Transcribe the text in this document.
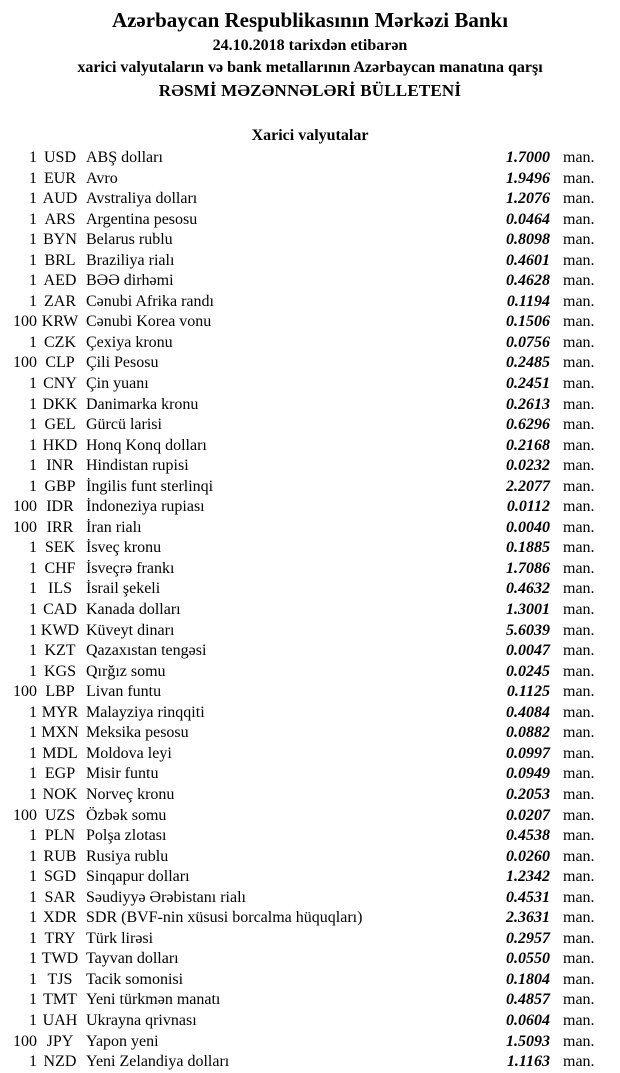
Azərbaycan Respublikasının Mərkəzi Bankı
24.10.2018 tarixdən etibarən
xarici valyutaların və bank metallarının Azərbaycan manatına qarşı
RƏSMİ MƏZƏNNƏLƏRİ BÜLLETENİ
Xarici valyutalar
1 USD ABŞ dolları	1.7000 man.
1 EUR Avro	1.9496 man.
1 AUD Avstraliya dolları	1.2076 man.
1 ARS Argentina pesosu	0.0464 man.
1 BYN Belarus rublu	0.8098 man.
1 BRL Braziliya rialı	0.4601 man.
1 AED BƏƏ dirhəmi	0.4628 man.
1 ZAR Cənubi Afrika randı	0.1194 man.
100 KRW Cənubi Korea vonu	0.1506 man.
1 CZK Çexiya kronu	0.0756 man.
100 CLP Çili Pesosu	0.2485 man.
1 CNY Çin yuanı	0.2451 man.
1 DKK Danimarka kronu	0.2613 man.
1 GEL Gürcü larisi	0.6296 man.
1 HKD Honq Konq dolları	0.2168 man.
1 INR Hindistan rupisi	0.0232 man.
1 GBP İngilis funt sterlinqi	2.2077 man.
100 IDR İndoneziya rupiası	0.0112 man.
100 IRR İran rialı	0.0040 man.
1 SEK İsveç kronu	0.1885 man.
1 CHF İsveçrə frankı	1.7086 man.
1 ILS İsrail şekeli	0.4632 man.
1 CAD Kanada dolları	1.3001 man.
1 KWD Küveyt dinarı	5.6039 man.
1 KZT Qazaxıstan tengəsi	0.0047 man.
1 KGS Qırğız somu	0.0245 man.
100 LBP Livan funtu	0.1125 man.
1 MYR Malayziya rinqqiti	0.4084 man.
1 MXN Meksika pesosu	0.0882 man.
1 MDL Moldova leyi	0.0997 man.
1 EGP Misir funtu	0.0949 man.
1 NOK Norveç kronu	0.2053 man.
100 UZS Özbək somu	0.0207 man.
1 PLN Polşa zlotası	0.4538 man.
1 RUB Rusiya rublu	0.0260 man.
1 SGD Sinqapur dolları	1.2342 man.
1 SAR Səudiyyə Ərəbistanı rialı	0.4531 man.
1 XDR SDR (BVF-nin xüsusi borcalma hüquqları)	2.3631 man.
1 TRY Türk lirəsi	0.2957 man.
1 TWD Tayvan dolları	0.0550 man.
1 TJS Tacik somonisi	0.1804 man.
1 TMT Yeni türkmən manatı	0.4857 man.
1 UAH Ukrayna qrivnası	0.0604 man.
100 JPY Yapon yeni	1.5093 man.
1 NZD Yeni Zelandiya dolları	1.1163 man.
